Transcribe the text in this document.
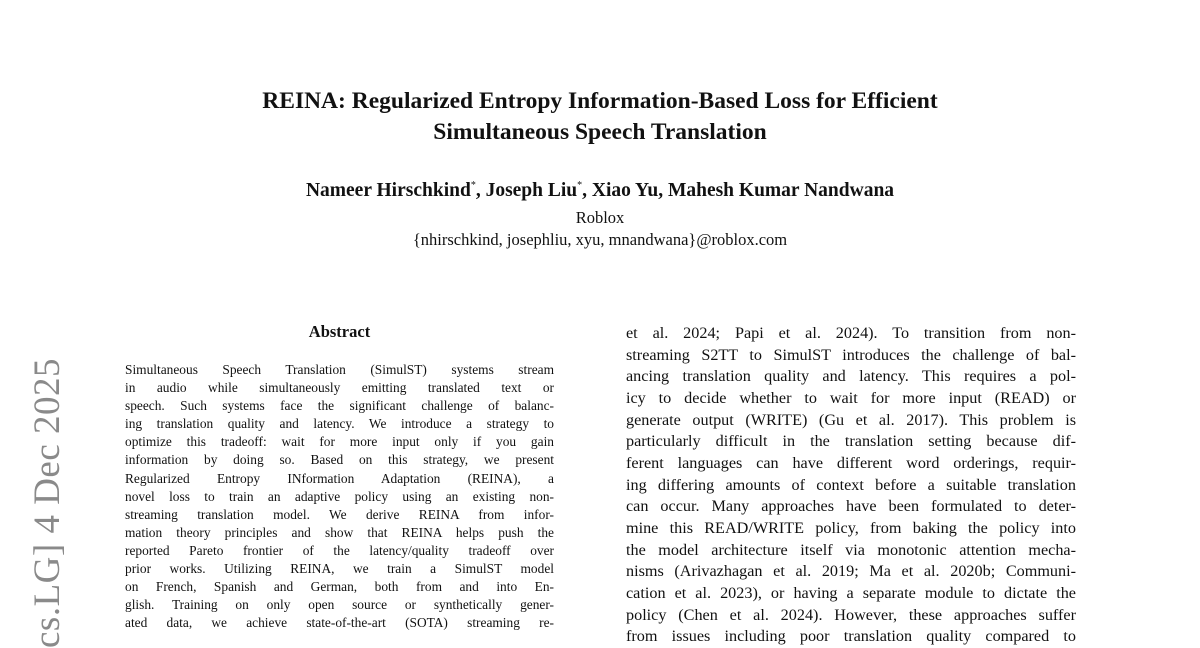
REINA: Regularized Entropy Information-Based Loss for Efficient
Simultaneous Speech Translation
Nameer Hirschkind*, Joseph Liu*, Xiao Yu, Mahesh Kumar Nandwana
Roblox
{nhirschkind, josephliu, xyu, mnandwana}@roblox.com
cs.LG] 4 Dec 2025
Abstract
Simultaneous Speech Translation (SimulST) systems stream
in audio while simultaneously emitting translated text or
speech. Such systems face the significant challenge of balanc-
ing translation quality and latency. We introduce a strategy to
optimize this tradeoff: wait for more input only if you gain
information by doing so. Based on this strategy, we present
Regularized Entropy INformation Adaptation (REINA), a
novel loss to train an adaptive policy using an existing non-
streaming translation model. We derive REINA from infor-
mation theory principles and show that REINA helps push the
reported Pareto frontier of the latency/quality tradeoff over
prior works. Utilizing REINA, we train a SimulST model
on French, Spanish and German, both from and into En-
glish. Training on only open source or synthetically gener-
ated data, we achieve state-of-the-art (SOTA) streaming re-
et al. 2024; Papi et al. 2024). To transition from non-
streaming S2TT to SimulST introduces the challenge of bal-
ancing translation quality and latency. This requires a pol-
icy to decide whether to wait for more input (READ) or
generate output (WRITE) (Gu et al. 2017). This problem is
particularly difficult in the translation setting because dif-
ferent languages can have different word orderings, requir-
ing differing amounts of context before a suitable translation
can occur. Many approaches have been formulated to deter-
mine this READ/WRITE policy, from baking the policy into
the model architecture itself via monotonic attention mecha-
nisms (Arivazhagan et al. 2019; Ma et al. 2020b; Communi-
cation et al. 2023), or having a separate module to dictate the
policy (Chen et al. 2024). However, these approaches suffer
from issues including poor translation quality compared to
